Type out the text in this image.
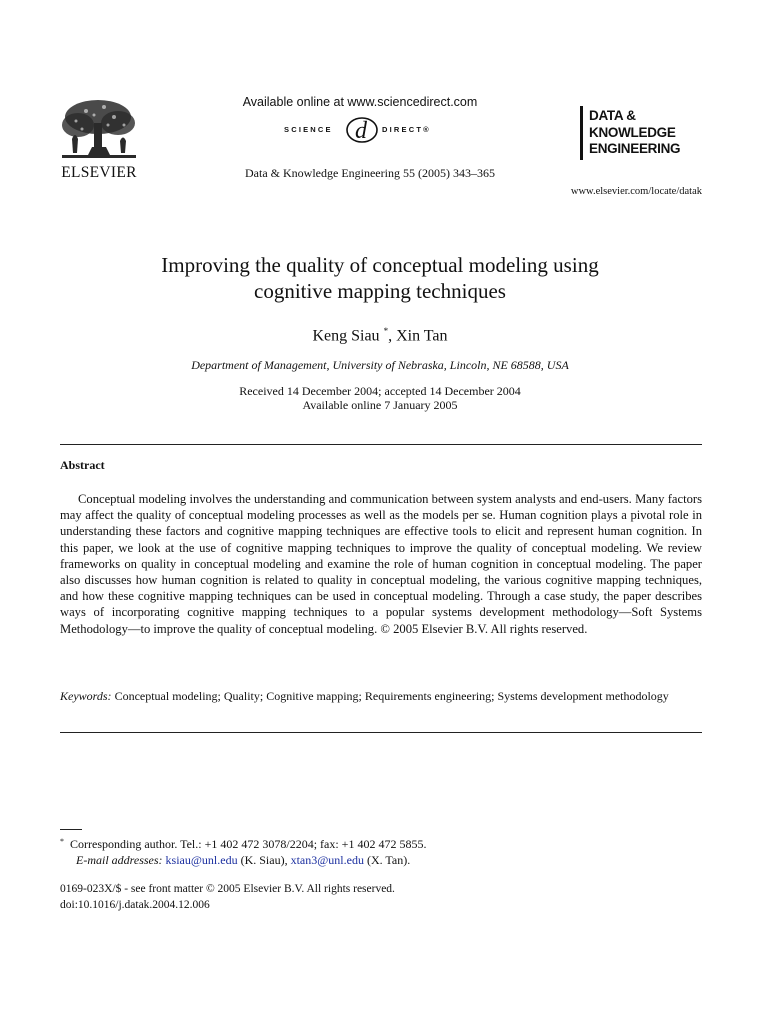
ELSEVIER
Available online at www.sciencedirect.com
SCIENCE d DIRECT®
Data & Knowledge Engineering 55 (2005) 343–365
DATA &
KNOWLEDGE
ENGINEERING
www.elsevier.com/locate/datak
Improving the quality of conceptual modeling using
cognitive mapping techniques
Keng Siau *, Xin Tan
Department of Management, University of Nebraska, Lincoln, NE 68588, USA
Received 14 December 2004; accepted 14 December 2004
Available online 7 January 2005
Abstract
Conceptual modeling involves the understanding and communication between system analysts and end-users. Many factors may affect the quality of conceptual modeling processes as well as the models per se. Human cognition plays a pivotal role in understanding these factors and cognitive mapping techniques are effective tools to elicit and represent human cognition. In this paper, we look at the use of cognitive mapping techniques to improve the quality of conceptual modeling. We review frameworks on quality in conceptual modeling and examine the role of human cognition in conceptual modeling. The paper also discusses how human cognition is related to quality in conceptual modeling, the various cognitive mapping techniques, and how these cognitive mapping techniques can be used in conceptual modeling. Through a case study, the paper describes ways of incorporating cognitive mapping techniques to a popular systems development methodology—Soft Systems Methodology—to improve the quality of conceptual modeling. © 2005 Elsevier B.V. All rights reserved.
Keywords: Conceptual modeling; Quality; Cognitive mapping; Requirements engineering; Systems development methodology
* Corresponding author. Tel.: +1 402 472 3078/2204; fax: +1 402 472 5855.
E-mail addresses: ksiau@unl.edu (K. Siau), xtan3@unl.edu (X. Tan).
0169-023X/$ - see front matter © 2005 Elsevier B.V. All rights reserved.
doi:10.1016/j.datak.2004.12.006
